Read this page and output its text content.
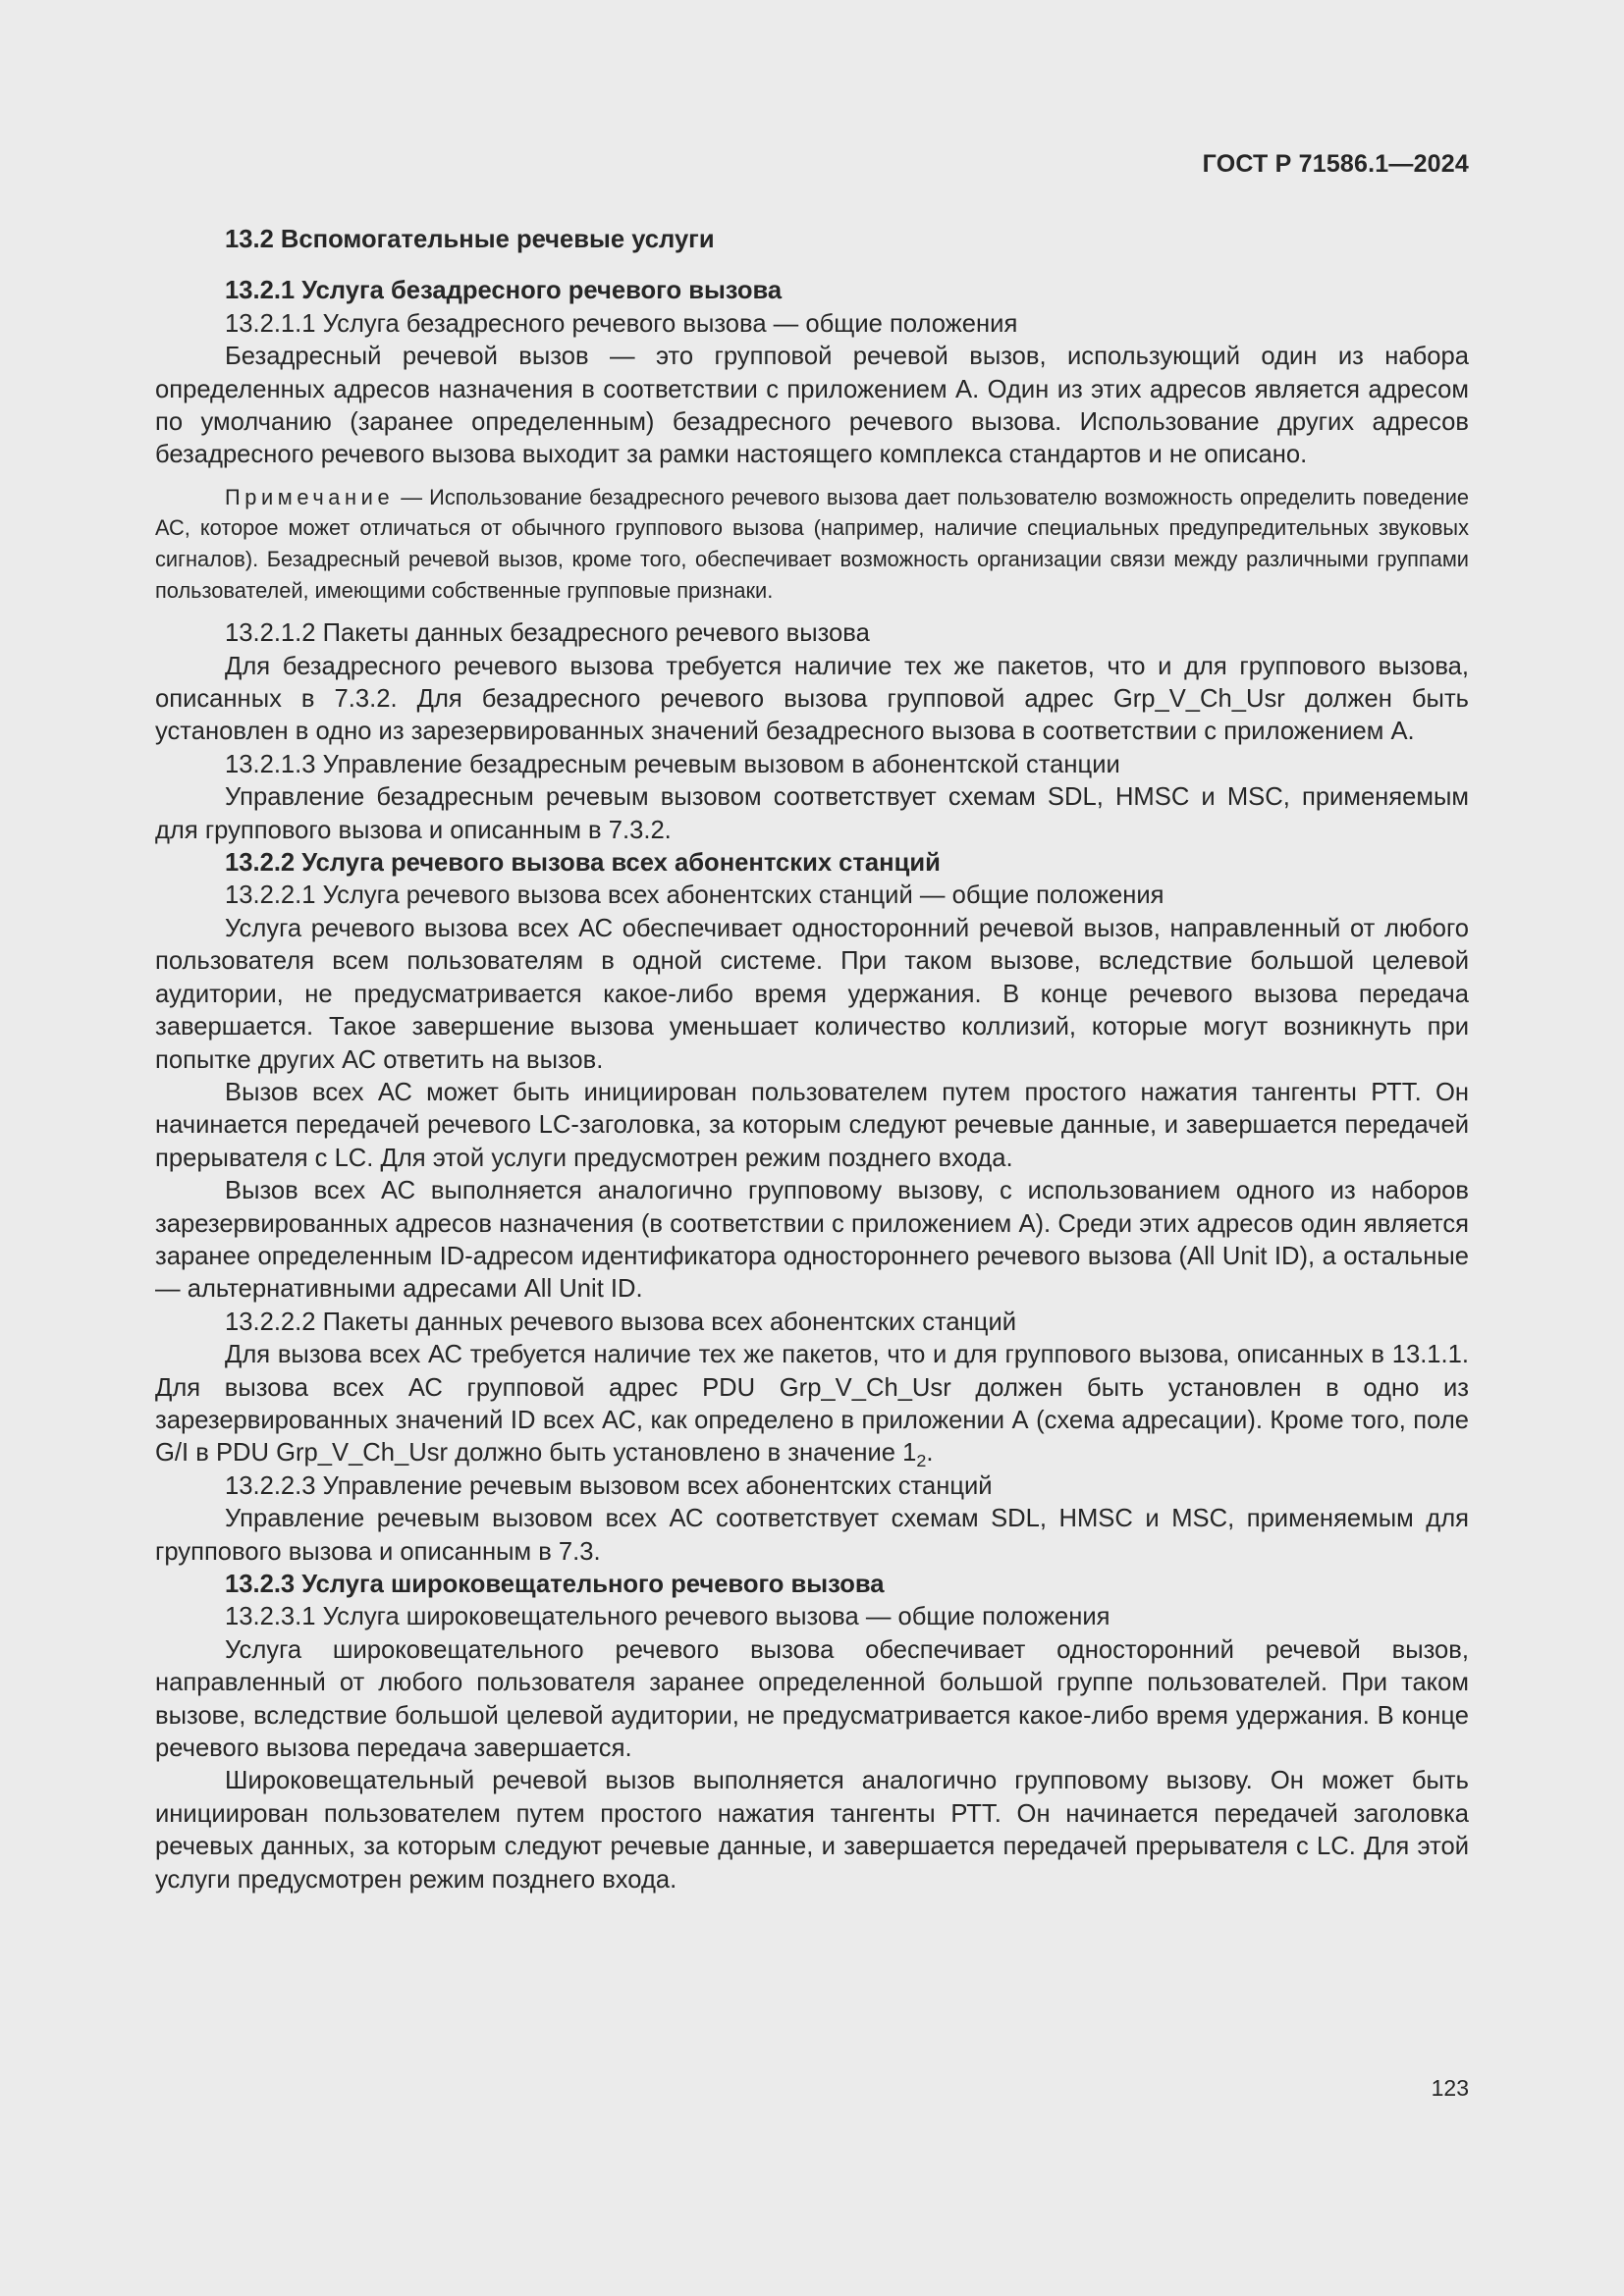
ГОСТ Р 71586.1—2024

13.2 Вспомогательные речевые услуги

13.2.1 Услуга безадресного речевого вызова

13.2.1.1 Услуга безадресного речевого вызова — общие положения

Безадресный речевой вызов — это групповой речевой вызов, использующий один из набора определенных адресов назначения в соответствии с приложением А. Один из этих адресов является адресом по умолчанию (заранее определенным) безадресного речевого вызова. Использование других адресов безадресного речевого вызова выходит за рамки настоящего комплекса стандартов и не описано.

Примечание — Использование безадресного речевого вызова дает пользователю возможность определить поведение АС, которое может отличаться от обычного группового вызова (например, наличие специальных предупредительных звуковых сигналов). Безадресный речевой вызов, кроме того, обеспечивает возможность организации связи между различными группами пользователей, имеющими собственные групповые признаки.

13.2.1.2 Пакеты данных безадресного речевого вызова

Для безадресного речевого вызова требуется наличие тех же пакетов, что и для группового вызова, описанных в 7.3.2. Для безадресного речевого вызова групповой адрес Grp_V_Ch_Usr должен быть установлен в одно из зарезервированных значений безадресного вызова в соответствии с приложением А.

13.2.1.3 Управление безадресным речевым вызовом в абонентской станции

Управление безадресным речевым вызовом соответствует схемам SDL, HMSC и MSC, применяемым для группового вызова и описанным в 7.3.2.

13.2.2 Услуга речевого вызова всех абонентских станций

13.2.2.1 Услуга речевого вызова всех абонентских станций — общие положения

Услуга речевого вызова всех АС обеспечивает односторонний речевой вызов, направленный от любого пользователя всем пользователям в одной системе. При таком вызове, вследствие большой целевой аудитории, не предусматривается какое-либо время удержания. В конце речевого вызова передача завершается. Такое завершение вызова уменьшает количество коллизий, которые могут возникнуть при попытке других АС ответить на вызов.

Вызов всех АС может быть инициирован пользователем путем простого нажатия тангенты РТТ. Он начинается передачей речевого LC-заголовка, за которым следуют речевые данные, и завершается передачей прерывателя с LC. Для этой услуги предусмотрен режим позднего входа.

Вызов всех АС выполняется аналогично групповому вызову, с использованием одного из наборов зарезервированных адресов назначения (в соответствии с приложением А). Среди этих адресов один является заранее определенным ID-адресом идентификатора одностороннего речевого вызова (All Unit ID), а остальные — альтернативными адресами All Unit ID.

13.2.2.2 Пакеты данных речевого вызова всех абонентских станций

Для вызова всех АС требуется наличие тех же пакетов, что и для группового вызова, описанных в 13.1.1. Для вызова всех АС групповой адрес PDU Grp_V_Ch_Usr должен быть установлен в одно из зарезервированных значений ID всех АС, как определено в приложении А (схема адресации). Кроме того, поле G/I в PDU Grp_V_Ch_Usr должно быть установлено в значение $1_2$.

13.2.2.3 Управление речевым вызовом всех абонентских станций

Управление речевым вызовом всех АС соответствует схемам SDL, HMSC и MSC, применяемым для группового вызова и описанным в 7.3.

13.2.3 Услуга широковещательного речевого вызова

13.2.3.1 Услуга широковещательного речевого вызова — общие положения

Услуга широковещательного речевого вызова обеспечивает односторонний речевой вызов, направленный от любого пользователя заранее определенной большой группе пользователей. При таком вызове, вследствие большой целевой аудитории, не предусматривается какое-либо время удержания. В конце речевого вызова передача завершается.

Широковещательный речевой вызов выполняется аналогично групповому вызову. Он может быть инициирован пользователем путем простого нажатия тангенты РТТ. Он начинается передачей заголовка речевых данных, за которым следуют речевые данные, и завершается передачей прерывателя с LC. Для этой услуги предусмотрен режим позднего входа.

123
